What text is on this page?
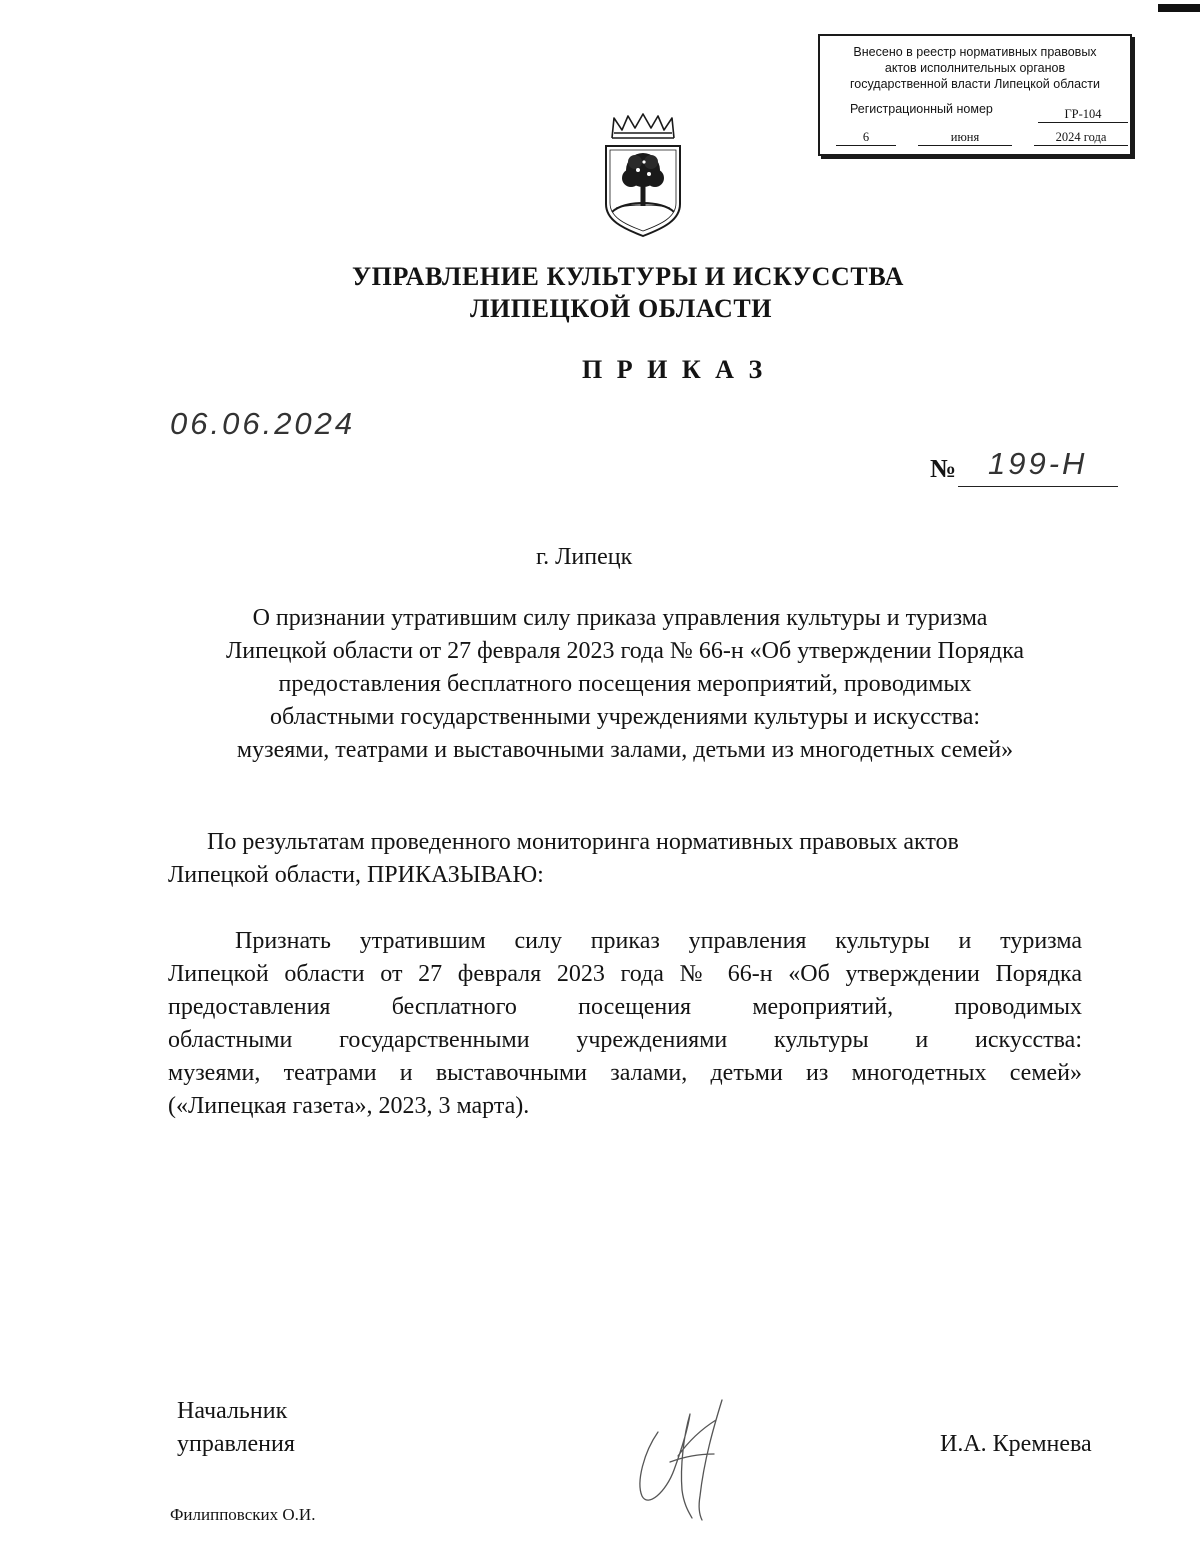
Внесено в реестр нормативных правовых
актов исполнительных органов
государственной власти Липецкой области
Регистрационный номер	ГР-104
6	июня	2024 года
УПРАВЛЕНИЕ КУЛЬТУРЫ И ИСКУССТВА
ЛИПЕЦКОЙ ОБЛАСТИ
П Р И К А З
06.06.2024
№ 199-Н
г. Липецк
О признании утратившим силу приказа управления культуры и туризма
Липецкой области от 27 февраля 2023 года № 66-н «Об утверждении Порядка
предоставления бесплатного посещения мероприятий, проводимых
областными государственными учреждениями культуры и искусства:
музеями, театрами и выставочными залами, детьми из многодетных семей»
По результатам проведенного мониторинга нормативных правовых актов
Липецкой области, ПРИКАЗЫВАЮ:
Признать утратившим силу приказ управления культуры и туризма
Липецкой области от 27 февраля 2023 года № 66-н «Об утверждении Порядка
предоставления бесплатного посещения мероприятий, проводимых
областными государственными учреждениями культуры и искусства:
музеями, театрами и выставочными залами, детьми из многодетных семей»
(«Липецкая газета», 2023, 3 марта).
Начальник
управления	И.А. Кремнева
Филипповских О.И.
